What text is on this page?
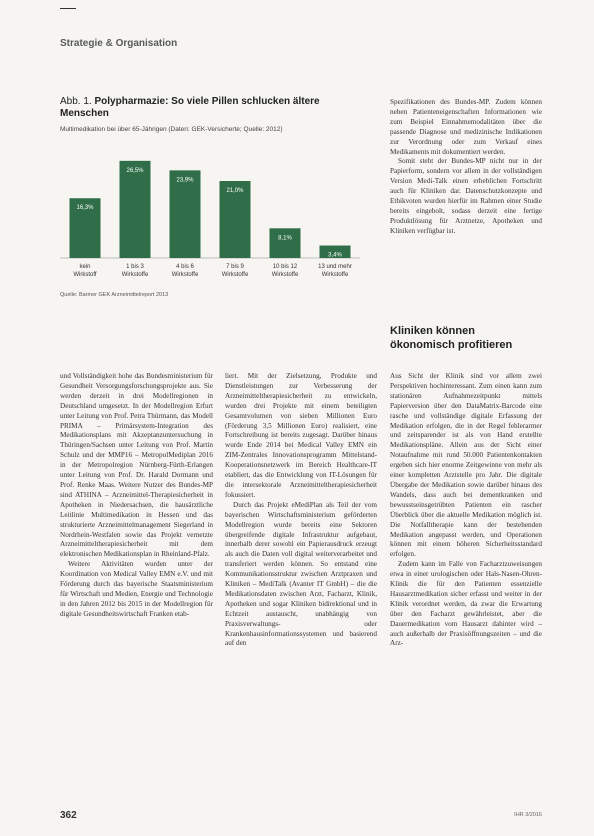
Strategie & Organisation
Abb. 1. Polypharmazie: So viele Pillen schlucken ältere Menschen
Multimedikation bei über 65-Jährigen (Daten: GEK-Versicherte; Quelle: 2012)
16,3%
kein
Wirkstoff
26,5%
1 bis 3
Wirkstoffe
23,9%
4 bis 6
Wirkstoffe
21,0%
7 bis 9
Wirkstoffe
8,1%
10 bis 12
Wirkstoffe
3,4%
13 und mehr
Wirkstoffe
Quelle: Barmer GEK Arzneimittelreport 2013

Spezifikationen des Bundes-MP. Zudem können neben Patienteneigenschaften Informationen wie zum Beispiel Einnahmemodalitäten über die passende Diagnose und medizinische Indikationen zur Verordnung oder zum Verkauf eines Medikaments mit dokumentiert werden.

Somit steht der Bundes-MP nicht nur in der Papierform, sondern vor allem in der vollständigen Version Medi-Talk einen erheblichen Fortschritt auch für Kliniken dar. Datenschutzkonzepte und Ethikvoten wurden hierfür im Rahmen einer Studie bereits eingeholt, sodass derzeit eine fertige Produktlösung für Arztnetze, Apotheken und Kliniken verfügbar ist.

Kliniken können ökonomisch profitieren

und Vollständigkeit hohe das Bundesministerium für Gesundheit Versorgungsforschungsprojekte aus. Sie werden derzeit in drei Modellregionen in Deutschland umgesetzt. In der Modellregion Erfurt unter Leitung von Prof. Petra Thürmann, das Modell PRIMA – Primärsystem-Integration des Medikationsplans mit Akzeptanzuntersuchung in Thüringen/Sachsen unter Leitung von Prof. Martin Schulz und der MMP16 – MetropolMediplan 2016 in der Metropolregion Nürnberg-Fürth-Erlangen unter Leitung von Prof. Dr. Harald Dormann und Prof. Renke Maas. Weitere Nutzer des Bundes-MP sind ATHINA – Arzneimittel-Therapiesicherheit in Apotheken in Niedersachsen, die hausärztliche Leitlinie Multimedikation in Hessen und das strukturierte Arzneimittelmanagement Siegerland in Nordrhein-Westfalen sowie das Projekt vernetzte Arzneimitteltherapiesicherheit mit dem elektronischen Medikationsplan in Rheinland-Pfalz.

Weitere Aktivitäten wurden unter der Koordination von Medical Valley EMN e.V. und mit Förderung durch das bayerische Staatsministerium für Wirtschaft und Medien, Energie und Technologie in den Jahren 2012 bis 2015 in der Modellregion für digitale Gesundheitswirtschaft Franken etab-

liert. Mit der Zielsetzung, Produkte und Dienstleistungen zur Verbesserung der Arzneimitteltherapiesicherheit zu entwickeln, wurden drei Projekte mit einem beteiligten Gesamtvolumen von sieben Millionen Euro (Förderung 3,5 Millionen Euro) realisiert, eine Fortschreibung ist bereits zugesagt. Darüber hinaus wurde Ende 2014 bei Medical Valley EMN ein ZIM-Zentrales Innovationsprogramm Mittelstand-Kooperationsnetzwerk im Bereich Healthcare-IT etabliert, das die Entwicklung von IT-Lösungen für die intersektorale Arzneimitteltherapiesicherheit fokussiert.

Durch das Projekt eMediPlan als Teil der vom bayerischen Wirtschaftsministerium geförderten Modellregion wurde bereits eine Sektoren übergreifende digitale Infrastruktur aufgebaut, innerhalb derer sowohl ein Papierausdruck erzeugt als auch die Daten voll digital weiterverarbeitet und transferiert werden können. So entstand eine Kommunikationsstruktur zwischen Arztpraxen und Kliniken – MediTalk (Avanter IT GmbH) – die die Medikationsdaten zwischen Arzt, Facharzt, Klinik, Apotheken und sogar Kliniken bidirektional und in Echtzeit austauscht, unabhängig von Praxisverwaltungs- oder Krankenhausinformationssystemen und basierend auf den

Aus Sicht der Klinik sind vor allem zwei Perspektiven hochinteressant. Zum einen kann zum stationären Aufnahmezeitpunkt mittels Papierversion über den DataMatrix-Barcode eine rasche und vollständige digitale Erfassung der Medikation erfolgen, die in der Regel fehlerarmer und zeitsparender ist als von Hand erstellte Medikationspläne. Allein aus der Sicht einer Notaufnahme mit rund 50.000 Patientenkontakten ergeben sich hier enorme Zeitgewinne von mehr als einer kompletten Arztstelle pro Jahr. Die digitale Übergabe der Medikation sowie darüber hinaus des Wandels, dass auch bei dementkranken und bewusstseinsgetrübten Patienten ein rascher Überblick über die aktuelle Medikation möglich ist. Die Notfalltherapie kann der bestehenden Medikation angepasst werden, und Operationen können mit einem höheren Sicherheitsstandard erfolgen.

Zudem kann im Falle von Facharztzuweisungen etwa in einer urologischen oder Hals-Nasen-Ohren-Klinik die für den Patienten essenzielle Hausarztmedikation sicher erfasst und weiter in der Klinik verordnet werden, da zwar die Erwartung über den Facharzt gewährleistet, aber die Dauermedikation vom Hausarzt dahinter wird – auch außerhalb der Praxisöffnungszeiten – und die Arz-

362	IHR 3/2016
